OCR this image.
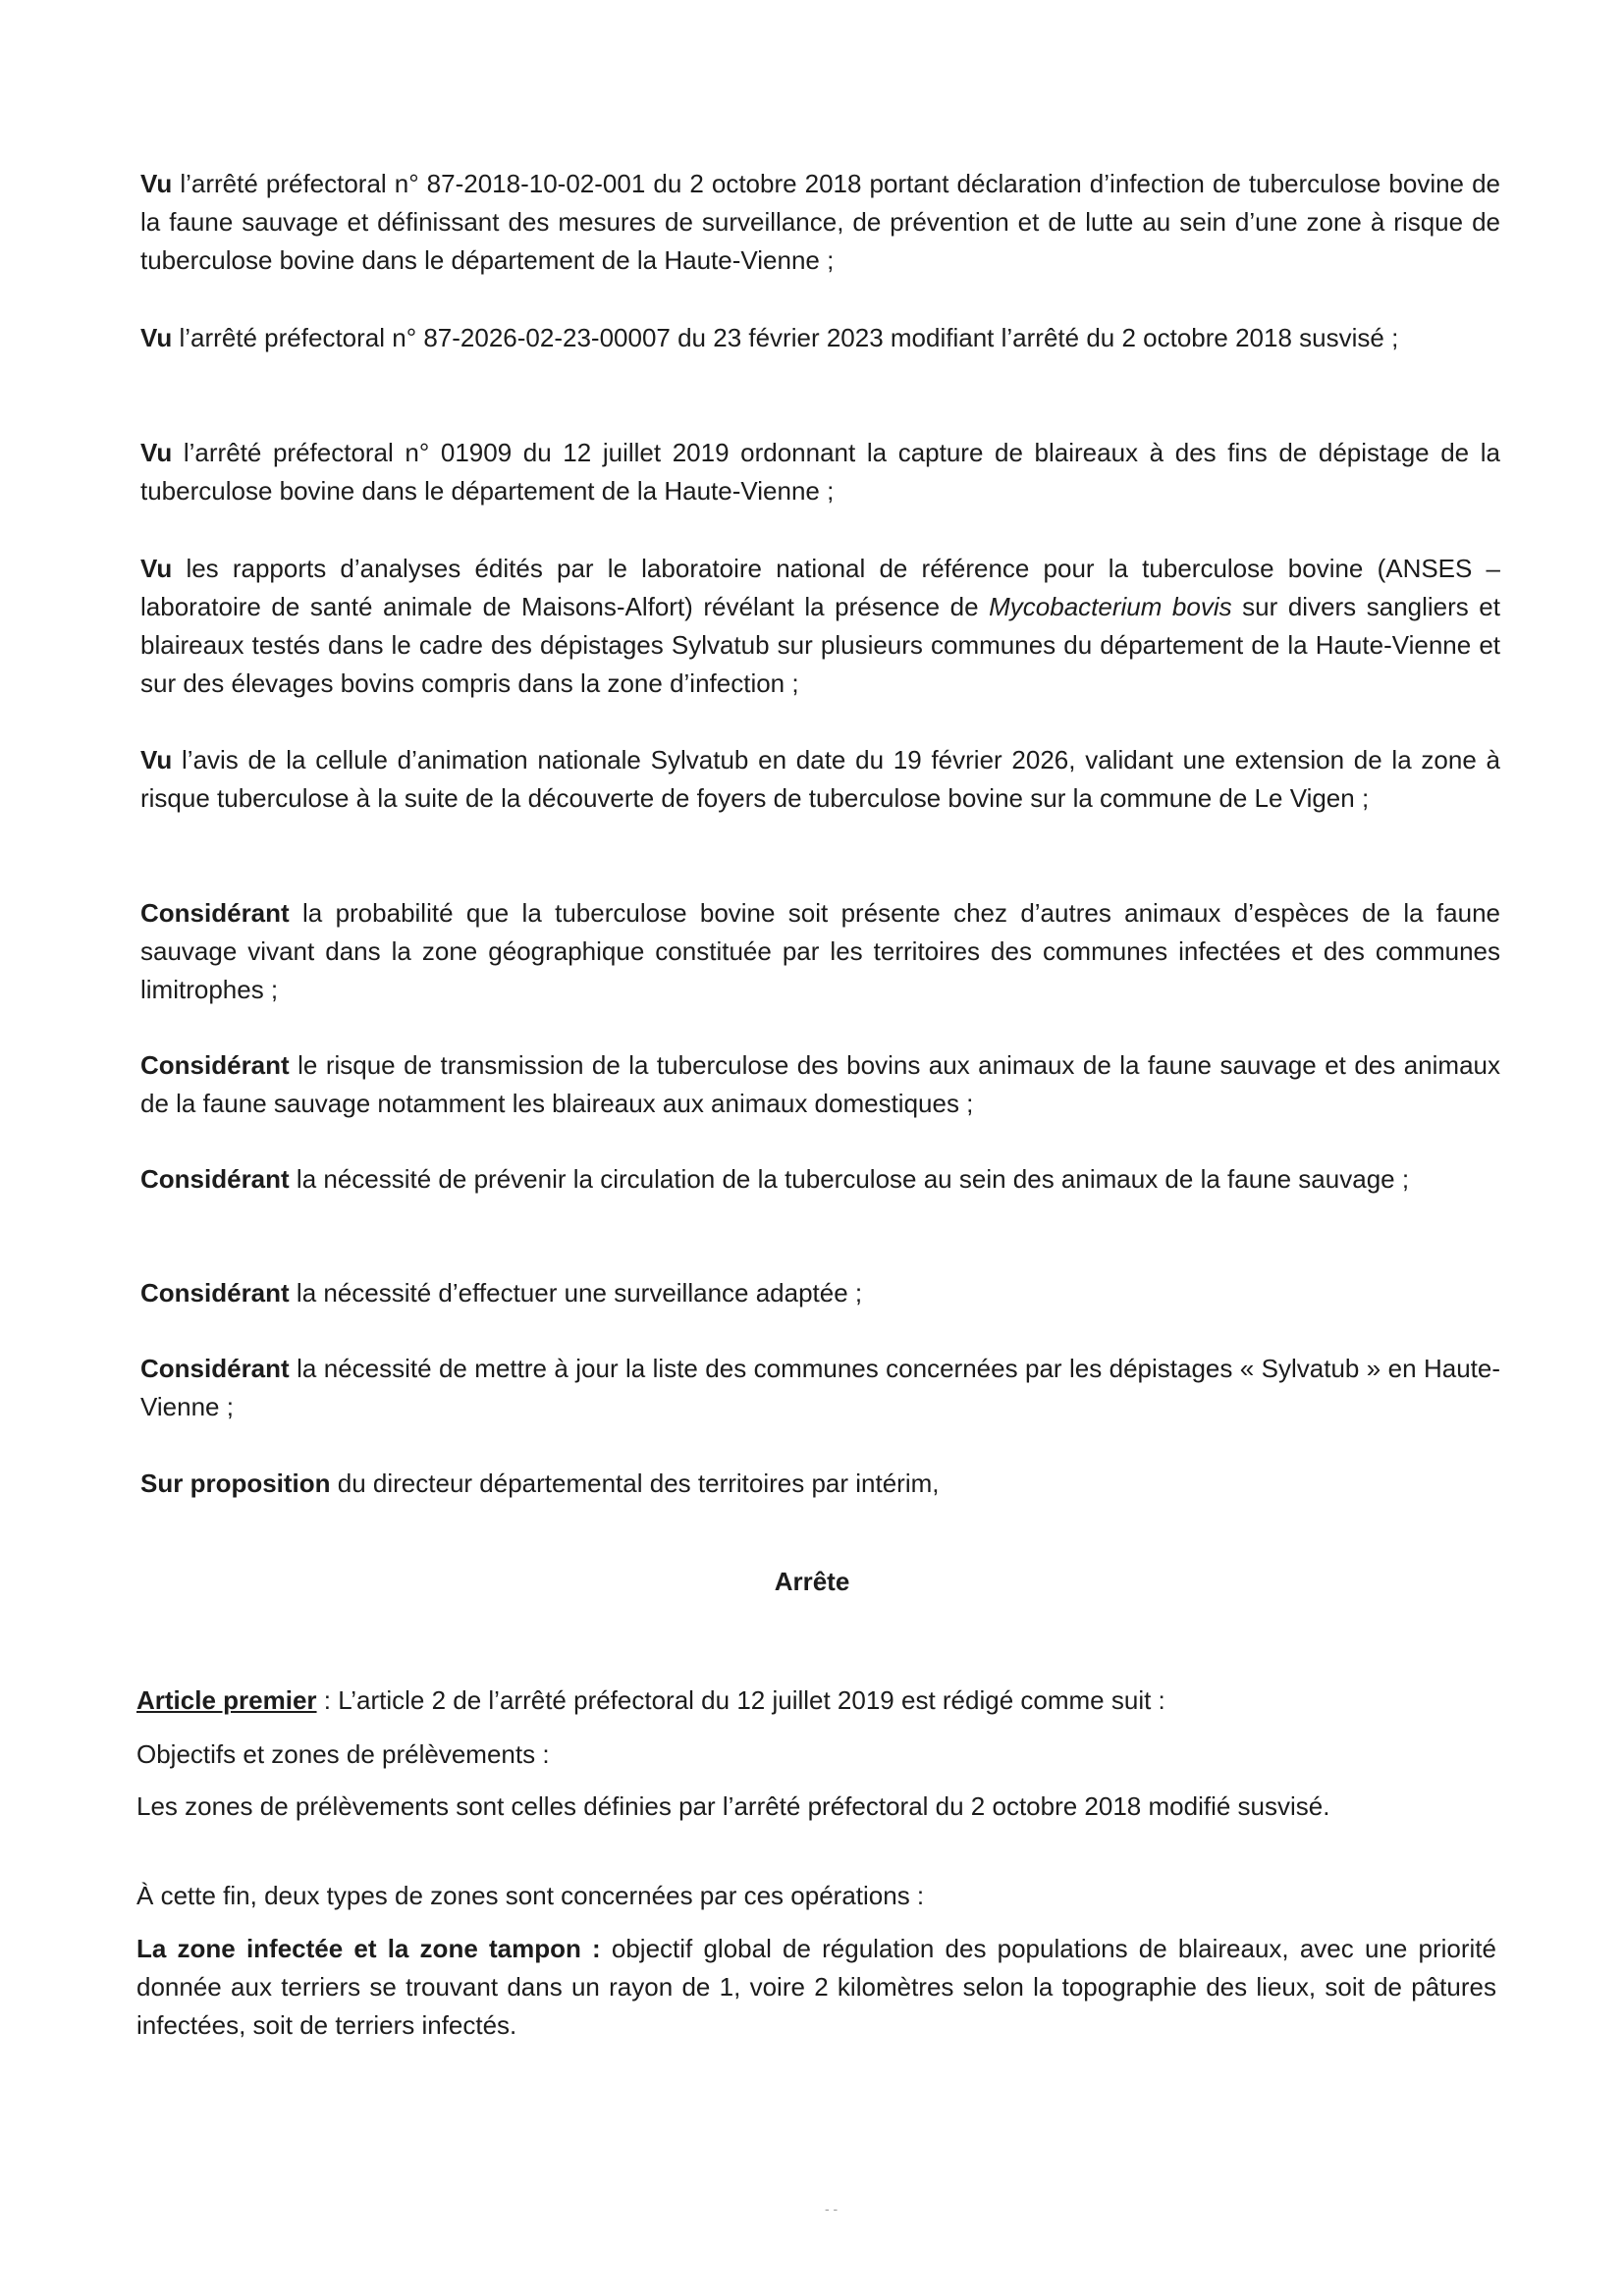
Vu l’arrêté préfectoral n° 87-2018-10-02-001 du 2 octobre 2018 portant déclaration d’infection de tuberculose bovine de la faune sauvage et définissant des mesures de surveillance, de prévention et de lutte au sein d’une zone à risque de tuberculose bovine dans le département de la Haute-Vienne ;

Vu l’arrêté préfectoral n° 87-2026-02-23-00007 du 23 février 2023 modifiant l’arrêté du 2 octobre 2018 susvisé ;

Vu l’arrêté préfectoral n° 01909 du 12 juillet 2019 ordonnant la capture de blaireaux à des fins de dépistage de la tuberculose bovine dans le département de la Haute-Vienne ;

Vu les rapports d’analyses édités par le laboratoire national de référence pour la tuberculose bovine (ANSES – laboratoire de santé animale de Maisons-Alfort) révélant la présence de Mycobacterium bovis sur divers sangliers et blaireaux testés dans le cadre des dépistages Sylvatub sur plusieurs communes du département de la Haute-Vienne et sur des élevages bovins compris dans la zone d’infection ;

Vu l’avis de la cellule d’animation nationale Sylvatub en date du 19 février 2026, validant une extension de la zone à risque tuberculose à la suite de la découverte de foyers de tuberculose bovine sur la commune de Le Vigen ;

Considérant la probabilité que la tuberculose bovine soit présente chez d’autres animaux d’espèces de la faune sauvage vivant dans la zone géographique constituée par les territoires des communes infectées et des communes limitrophes ;

Considérant le risque de transmission de la tuberculose des bovins aux animaux de la faune sauvage et des animaux de la faune sauvage notamment les blaireaux aux animaux domestiques ;

Considérant la nécessité de prévenir la circulation de la tuberculose au sein des animaux de la faune sauvage ;

Considérant la nécessité d’effectuer une surveillance adaptée ;

Considérant la nécessité de mettre à jour la liste des communes concernées par les dépistages « Sylvatub » en Haute-Vienne ;

Sur proposition du directeur départemental des territoires par intérim,

Arrête

Article premier : L’article 2 de l’arrêté préfectoral du 12 juillet 2019 est rédigé comme suit :

Objectifs et zones de prélèvements :

Les zones de prélèvements sont celles définies par l’arrêté préfectoral du 2 octobre 2018 modifié susvisé.

À cette fin, deux types de zones sont concernées par ces opérations :

La zone infectée et la zone tampon : objectif global de régulation des populations de blaireaux, avec une priorité donnée aux terriers se trouvant dans un rayon de 1, voire 2 kilomètres selon la topographie des lieux, soit de pâtures infectées, soit de terriers infectés.

- -
